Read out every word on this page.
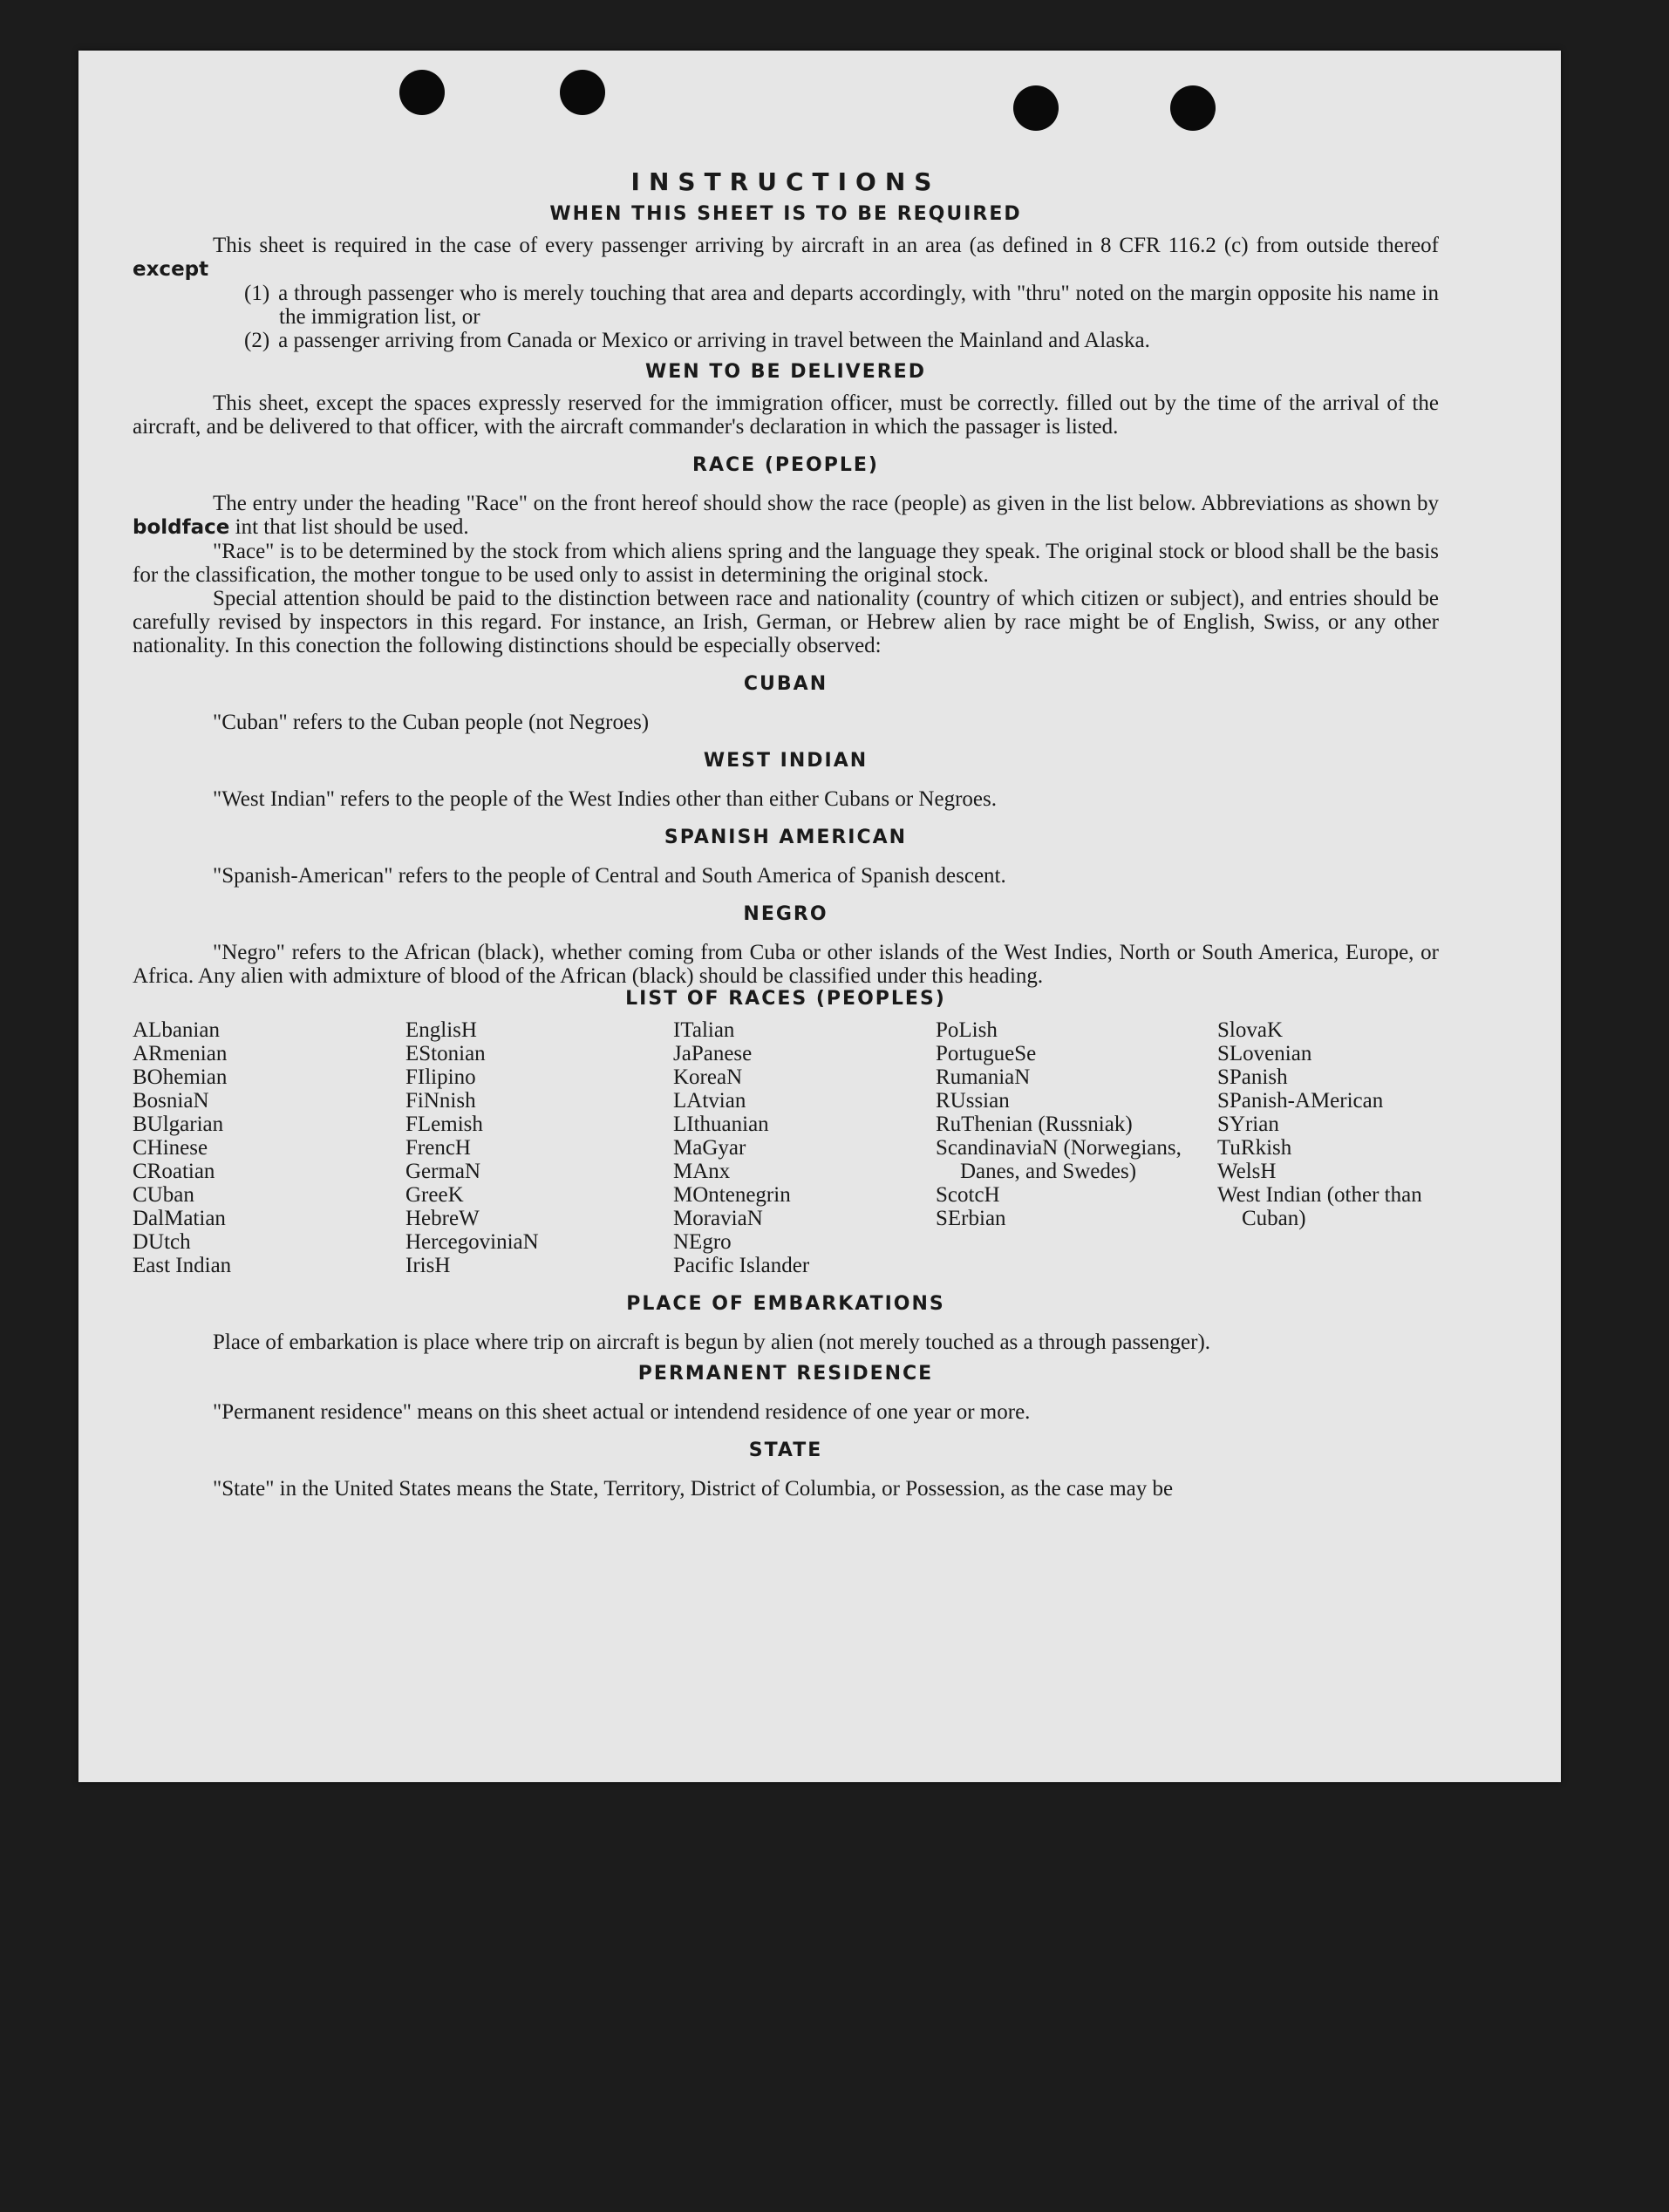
INSTRUCTIONS
WHEN THIS SHEET IS TO BE REQUIRED

This sheet is required in the case of every passenger arriving by aircraft in an area (as defined in 8 CFR 116.2 (c) from outside thereof except

(1) a through passenger who is merely touching that area and departs accordingly, with "thru" noted on the margin opposite his name in the immigration list, or

(2) a passenger arriving from Canada or Mexico or arriving in travel between the Mainland and Alaska.

WEN TO BE DELIVERED

This sheet, except the spaces expressly reserved for the immigration officer, must be correctly. filled out by the time of the arrival of the aircraft, and be delivered to that officer, with the aircraft commander's declaration in which the passager is listed.

RACE (PEOPLE)

The entry under the heading "Race" on the front hereof should show the race (people) as given in the list below. Abbreviations as shown by boldface int that list should be used.

"Race" is to be determined by the stock from which aliens spring and the language they speak. The original stock or blood shall be the basis for the classification, the mother tongue to be used only to assist in determining the original stock.

Special attention should be paid to the distinction between race and nationality (country of which citizen or subject), and entries should be carefully revised by inspectors in this regard. For instance, an Irish, German, or Hebrew alien by race might be of English, Swiss, or any other nationality. In this conection the following distinctions should be especially observed:

CUBAN

"Cuban" refers to the Cuban people (not Negroes)

WEST INDIAN

"West Indian" refers to the people of the West Indies other than either Cubans or Negroes.

SPANISH AMERICAN

"Spanish-American" refers to the people of Central and South America of Spanish descent.

NEGRO

"Negro" refers to the African (black), whether coming from Cuba or other islands of the West Indies, North or South America, Europe, or Africa. Any alien with admixture of blood of the African (black) should be classified under this heading.

LIST OF RACES (PEOPLES)
ALbanian
ARmenian
BOhemian
BosniaN
BUlgarian
CHinese
CRoatian
CUban
DalMatian
DUtch
East Indian
EnglisH
EStonian
FIlipino
FiNnish
FLemish
FrencH
GermaN
GreeK
HebreW
HercegoviniaN
IrisH
ITalian
JaPanese
KoreaN
LAtvian
LIthuanian
MaGyar
MAnx
MOntenegrin
MoraviaN
NEgro
Pacific Islander
PoLish
PortugueSe
RumaniaN
RUssian
RuThenian (Russniak)
ScandinaviaN (Norwegians, Danes, and Swedes)
ScotcH
SErbian
SlovaK
SLovenian
SPanish
SPanish-AMerican
SYrian
TuRkish
WelsH
West Indian (other than Cuban)
PLACE OF EMBARKATIONS

Place of embarkation is place where trip on aircraft is begun by alien (not merely touched as a through passenger).

PERMANENT RESIDENCE

"Permanent residence" means on this sheet actual or intendend residence of one year or more.

STATE

"State" in the United States means the State, Territory, District of Columbia, or Possession, as the case may be
